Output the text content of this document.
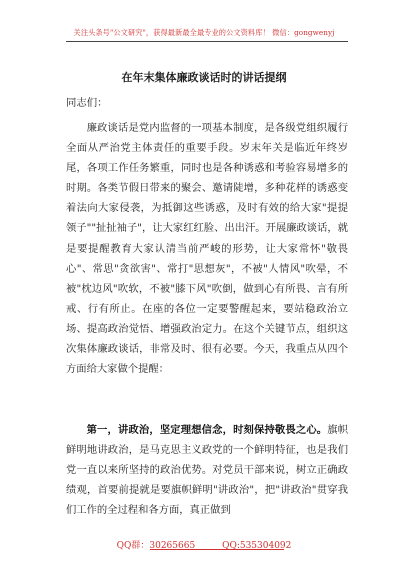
关注头条号"公文研究"，获得最新最全最专业的公文资料库！ 微信：gongwenyj
在年末集体廉政谈话时的讲话提纲
同志们：

廉政谈话是党内监督的一项基本制度，是各级党组织履行全面从严治党主体责任的重要手段。岁末年关是临近年终岁尾，各项工作任务繁重，同时也是各种诱惑和考验容易增多的时期。各类节假日带来的聚会、邀请陡增，多种花样的诱惑变着法向大家侵袭，为抵御这些诱惑，及时有效的给大家"提提领子""扯扯袖子"，让大家红红脸、出出汗。开展廉政谈话，就是要提醒教育大家认清当前严峻的形势，让大家常怀"敬畏心"、常思"贪欲害"、常打"思想灰"，不被"人情风"吹晕，不被"枕边风"吹软，不被"膝下风"吹倒，做到心有所畏、言有所戒、行有所止。在座的各位一定要警醒起来，要站稳政治立场、提高政治觉悟、增强政治定力。在这个关键节点，组织这次集体廉政谈话，非常及时、很有必要。今天，我重点从四个方面给大家做个提醒：

第一，讲政治，坚定理想信念，时刻保持敬畏之心。旗帜鲜明地讲政治，是马克思主义政党的一个鲜明特征，也是我们党一直以来所坚持的政治优势。对党员干部来说，树立正确政绩观，首要前提就是要旗帜鲜明"讲政治"，把"讲政治"贯穿我们工作的全过程和各方面，真正做到

QQ群：30265665	QQ:535304092
